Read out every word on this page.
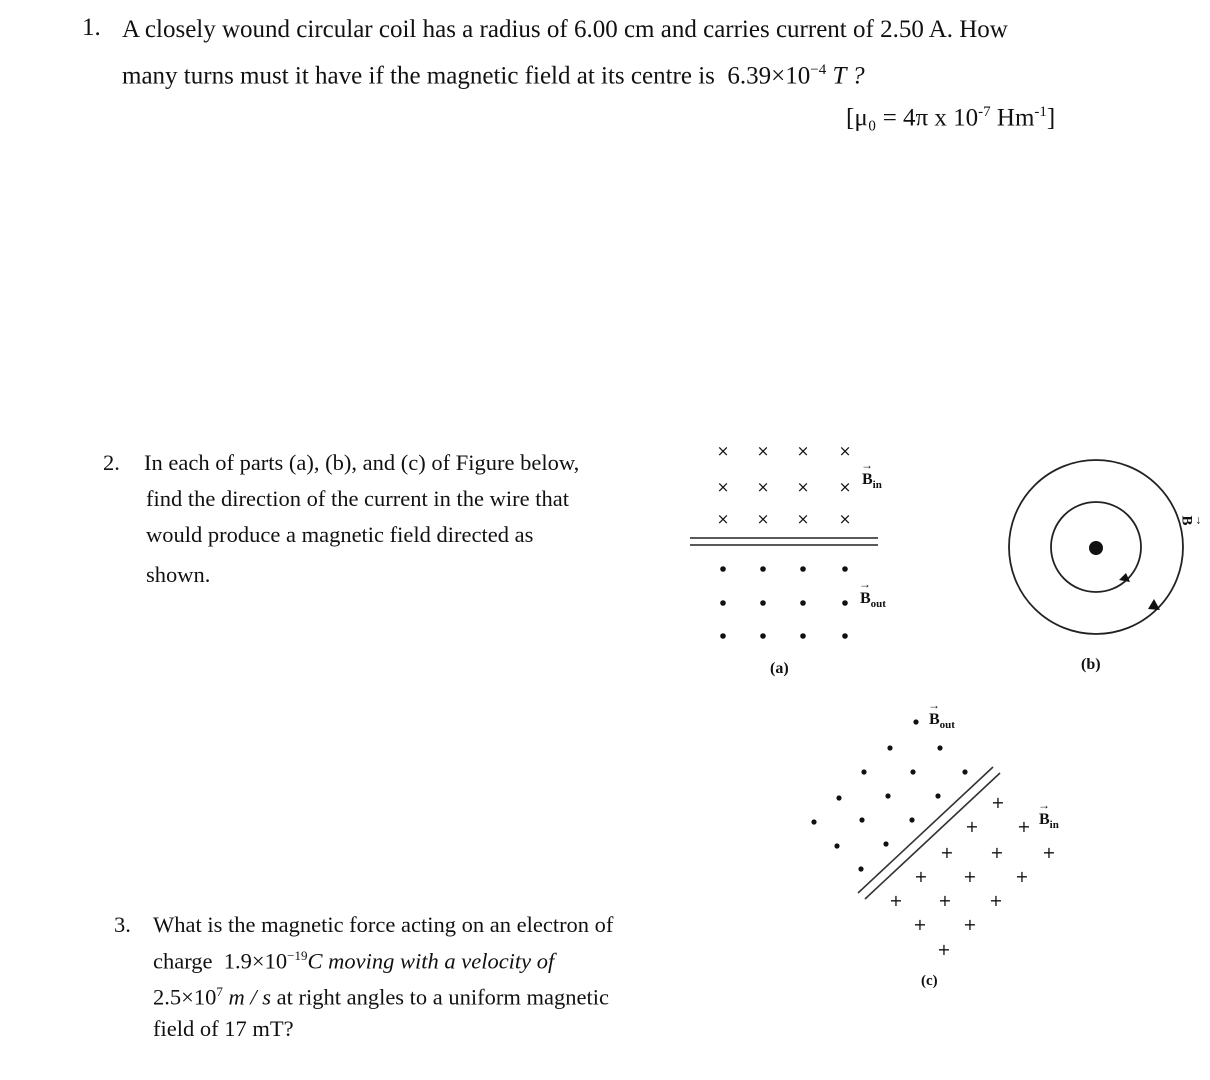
1. A closely wound circular coil has a radius of 6.00 cm and carries current of 2.50 A. How
many turns must it have if the magnetic field at its centre is $6.39\times 10^{-4}$ T ?
[μ₀ = 4π x $10^{-7}$ $Hm^{-1}$]
2. In each of parts (a), (b), and (c) of Figure below,
find the direction of the current in the wire that
would produce a magnetic field directed as
shown.
× × × ×
× × × ×
× × × ×
+
+ +
+ + +
+ + +
+ + +
+ +
+
→ $B_{in}$
→ $B_{out}$
(a)
→ B
(b)
→ $B_{out}$
→ $B_{in}$
(c)
3. What is the magnetic force acting on an electron of
charge $1.9\times 10^{-19}C$ moving with a velocity of
$2.5\times 10^7$ m / s at right angles to a uniform magnetic
field of 17 mT?
